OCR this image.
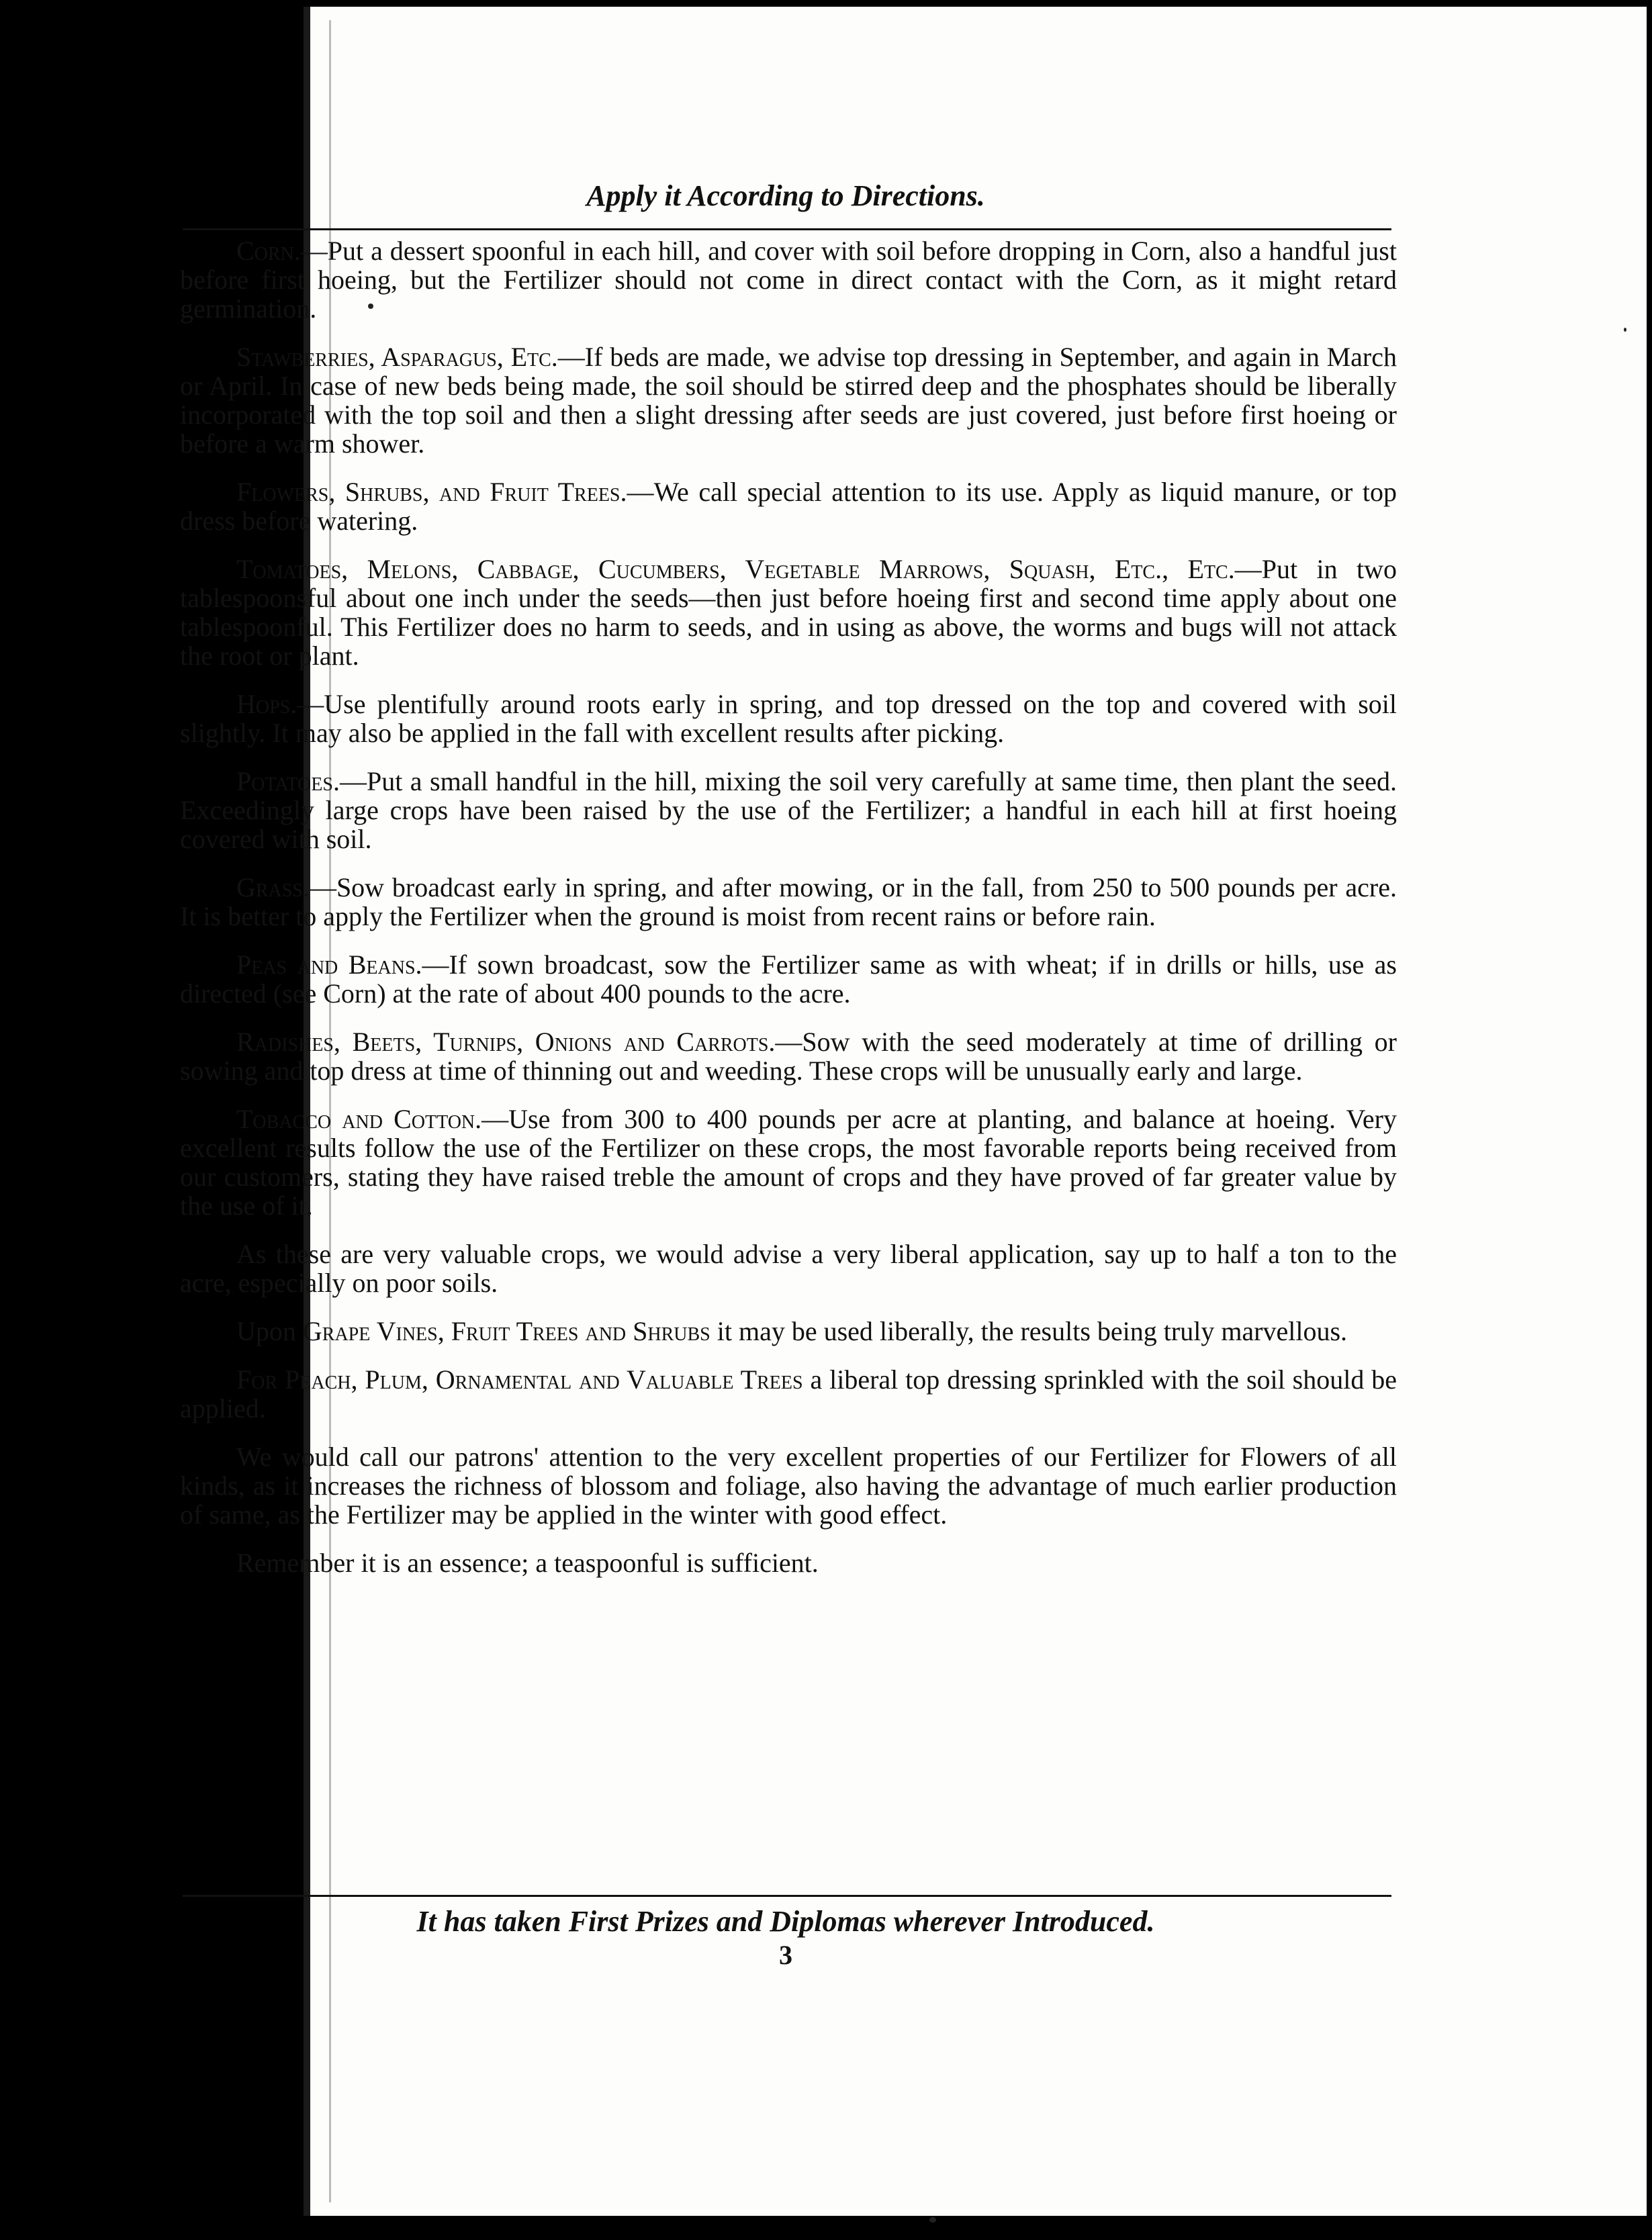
Apply it According to Directions.

Corn.—Put a dessert spoonful in each hill, and cover with soil before dropping in Corn, also a handful just before first hoeing, but the Fertilizer should not come in direct contact with the Corn, as it might retard germination.

Stawberries, Asparagus, Etc.—If beds are made, we advise top dressing in September, and again in March or April. In case of new beds being made, the soil should be stirred deep and the phosphates should be liberally incorporated with the top soil and then a slight dressing after seeds are just covered, just before first hoeing or before a warm shower.

Flowers, Shrubs, and Fruit Trees.—We call special attention to its use. Apply as liquid manure, or top dress before watering.

Tomatoes, Melons, Cabbage, Cucumbers, Vegetable Marrows, Squash, Etc., Etc.—Put in two tablespoonsful about one inch under the seeds—then just before hoeing first and second time apply about one tablespoonful. This Fertilizer does no harm to seeds, and in using as above, the worms and bugs will not attack the root or plant.

Hops.—Use plentifully around roots early in spring, and top dressed on the top and covered with soil slightly. It may also be applied in the fall with excellent results after picking.

Potatoes.—Put a small handful in the hill, mixing the soil very carefully at same time, then plant the seed. Exceedingly large crops have been raised by the use of the Fertilizer; a handful in each hill at first hoeing covered with soil.

Grass.—Sow broadcast early in spring, and after mowing, or in the fall, from 250 to 500 pounds per acre. It is better to apply the Fertilizer when the ground is moist from recent rains or before rain.

Peas and Beans.—If sown broadcast, sow the Fertilizer same as with wheat; if in drills or hills, use as directed (see Corn) at the rate of about 400 pounds to the acre.

Radishes, Beets, Turnips, Onions and Carrots.—Sow with the seed moderately at time of drilling or sowing and top dress at time of thinning out and weeding. These crops will be unusually early and large.

Tobacco and Cotton.—Use from 300 to 400 pounds per acre at planting, and balance at hoeing. Very excellent results follow the use of the Fertilizer on these crops, the most favorable reports being received from our customers, stating they have raised treble the amount of crops and they have proved of far greater value by the use of it.

As these are very valuable crops, we would advise a very liberal application, say up to half a ton to the acre, especially on poor soils.

Upon Grape Vines, Fruit Trees and Shrubs it may be used liberally, the results being truly marvellous.

For Peach, Plum, Ornamental and Valuable Trees a liberal top dressing sprinkled with the soil should be applied.

We would call our patrons' attention to the very excellent properties of our Fertilizer for Flowers of all kinds, as it increases the richness of blossom and foliage, also having the advantage of much earlier production of same, as the Fertilizer may be applied in the winter with good effect.

Remember it is an essence; a teaspoonful is sufficient.

It has taken First Prizes and Diplomas wherever Introduced.
3
